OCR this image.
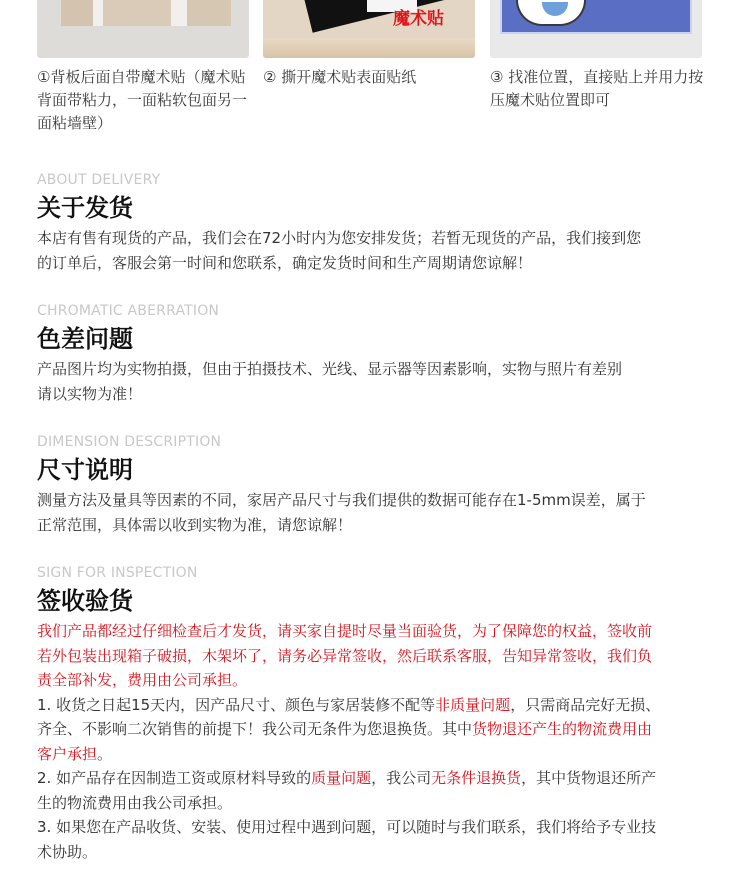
魔术贴
①背板后面自带魔术贴（魔术贴背面带粘力，一面粘软包面另一面粘墙壁）
② 撕开魔术贴表面贴纸	③ 找准位置，直接贴上并用力按压魔术贴位置即可
ABOUT DELIVERY
关于发货
本店有售有现货的产品，我们会在72小时内为您安排发货；若暂无现货的产品，我们接到您
的订单后，客服会第一时间和您联系，确定发货时间和生产周期请您谅解！
CHROMATIC ABERRATION
色差问题
产品图片均为实物拍摄，但由于拍摄技术、光线、显示器等因素影响，实物与照片有差别
请以实物为准！
DIMENSION DESCRIPTION
尺寸说明
测量方法及量具等因素的不同，家居产品尺寸与我们提供的数据可能存在1-5mm误差，属于
正常范围，具体需以收到实物为准，请您谅解！
SIGN FOR INSPECTION
签收验货
我们产品都经过仔细检查后才发货，请买家自提时尽量当面验货，为了保障您的权益，签收前
若外包装出现箱子破损，木架坏了，请务必异常签收，然后联系客服，告知异常签收，我们负
责全部补发，费用由公司承担。
1. 收货之日起15天内，因产品尺寸、颜色与家居装修不配等非质量问题，只需商品完好无损、
齐全、不影响二次销售的前提下！我公司无条件为您退换货。其中货物退还产生的物流费用由
客户承担。
2. 如产品存在因制造工资或原材料导致的质量问题，我公司无条件退换货，其中货物退还所产
生的物流费用由我公司承担。
3. 如果您在产品收货、安装、使用过程中遇到问题，可以随时与我们联系，我们将给予专业技
术协助。
